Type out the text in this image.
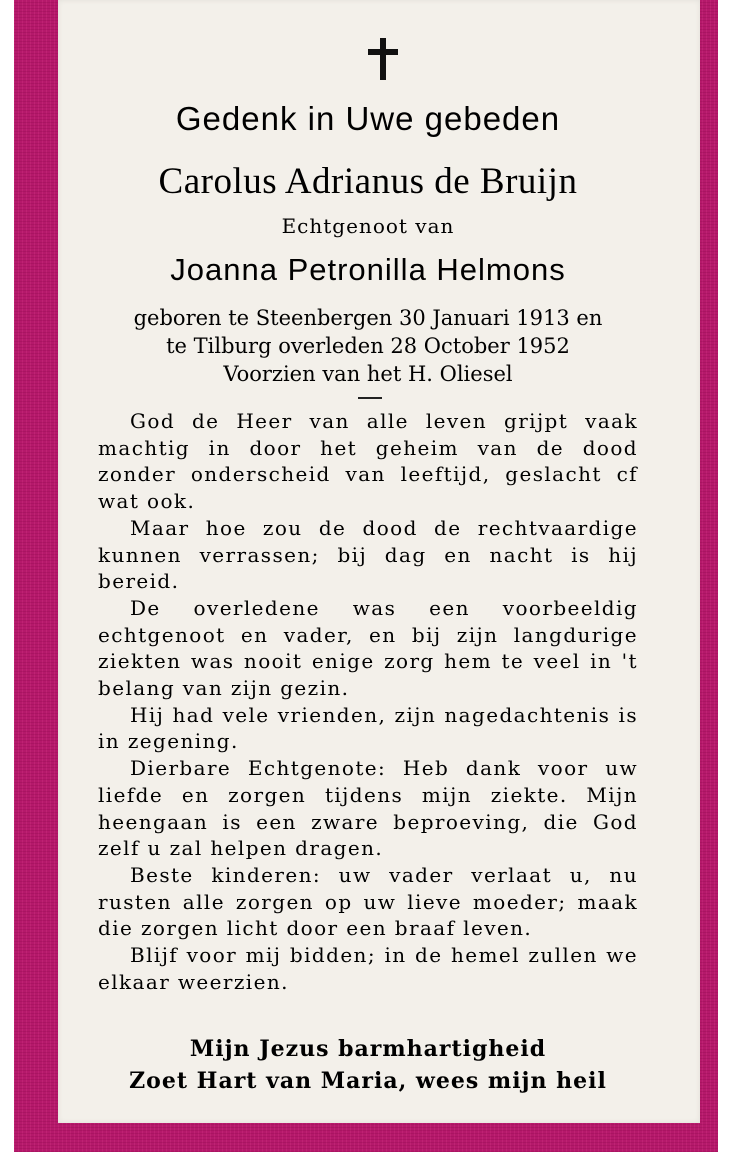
Gedenk in Uwe gebeden
Carolus Adrianus de Bruijn
Echtgenoot van
Joanna Petronilla Helmons
geboren te Steenbergen 30 Januari 1913 en
te Tilburg overleden 28 October 1952
Voorzien van het H. Oliesel

God de Heer van alle leven grijpt vaak machtig in door het geheim van de dood zonder onderscheid van leeftijd, geslacht cf wat ook.

Maar hoe zou de dood de rechtvaardige kunnen verrassen; bij dag en nacht is hij bereid.

De overledene was een voorbeeldig echtgenoot en vader, en bij zijn langdurige ziekten was nooit enige zorg hem te veel in 't belang van zijn gezin.

Hij had vele vrienden, zijn nagedachtenis is in zegening.

Dierbare Echtgenote: Heb dank voor uw liefde en zorgen tijdens mijn ziekte. Mijn heengaan is een zware beproeving, die God zelf u zal helpen dragen.

Beste kinderen: uw vader verlaat u, nu rusten alle zorgen op uw lieve moeder; maak die zorgen licht door een braaf leven.

Blijf voor mij bidden; in de hemel zullen we elkaar weerzien.

Mijn Jezus barmhartigheid
Zoet Hart van Maria, wees mijn heil
